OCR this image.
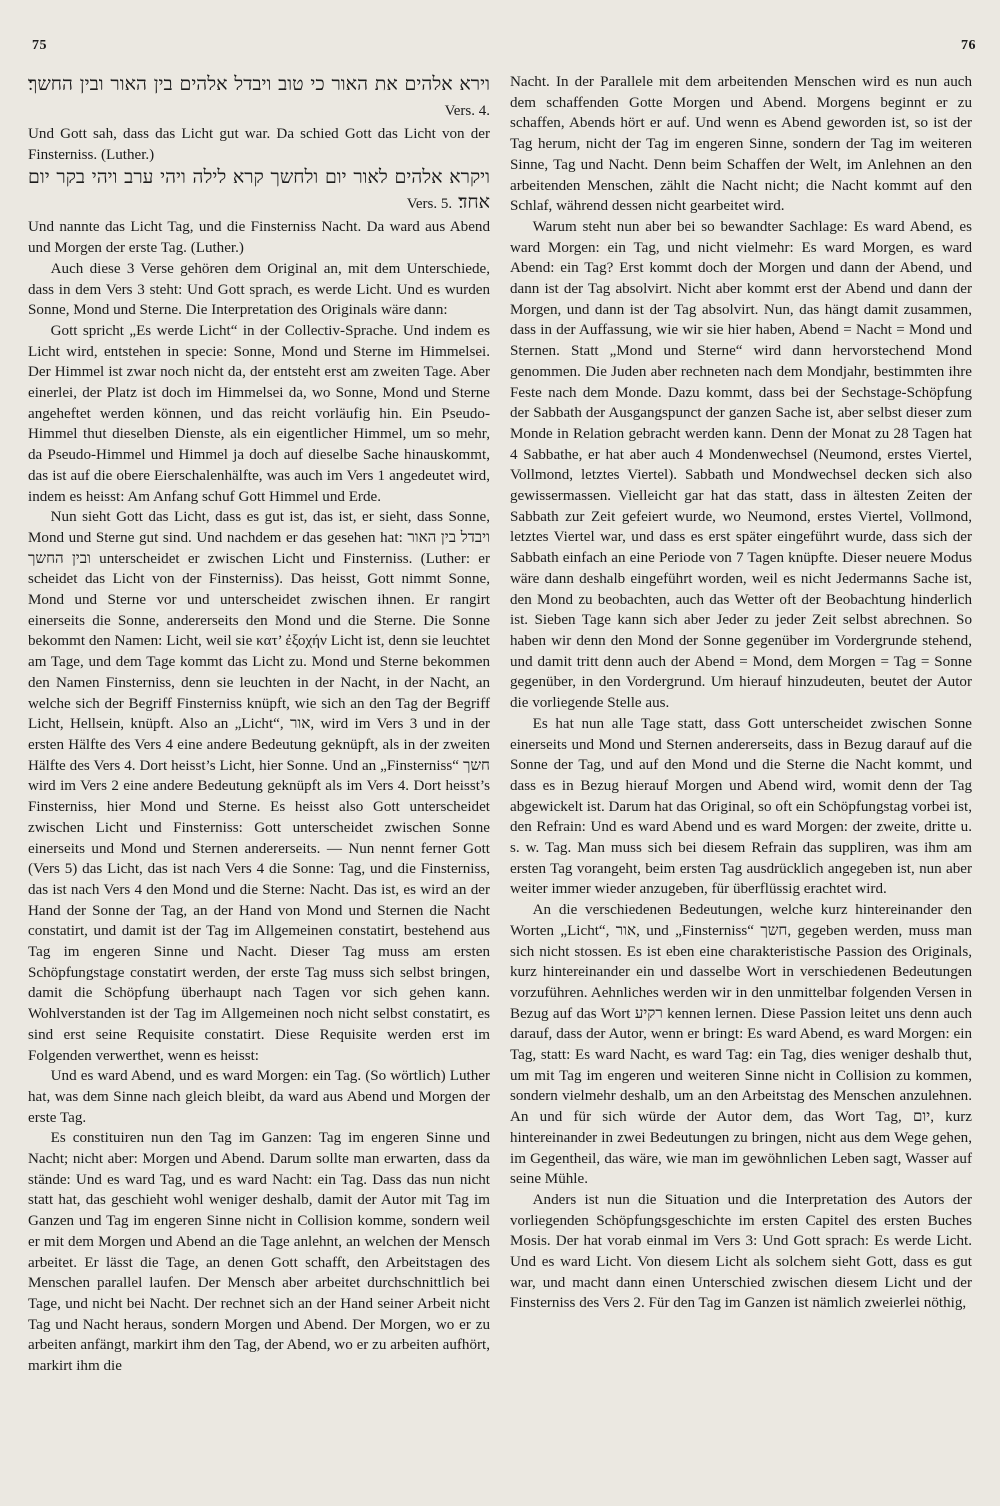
75	76

וירא אלהים את האור כי טוב ויבדל אלהים בין האור ובין החשך׃ Vers. 4.

Und Gott sah, dass das Licht gut war. Da schied Gott das Licht von der Finsterniss. (Luther.)

ויקרא אלהים לאור יום ולחשך קרא לילה ויהי ערב ויהי בקר יום אחד׃ Vers. 5.

Und nannte das Licht Tag, und die Finsterniss Nacht. Da ward aus Abend und Morgen der erste Tag. (Luther.)

Auch diese 3 Verse gehören dem Original an, mit dem Unterschiede, dass in dem Vers 3 steht: Und Gott sprach, es werde Licht. Und es wurden Sonne, Mond und Sterne. Die Interpretation des Originals wäre dann:

Gott spricht „Es werde Licht“ in der Collectiv-Sprache. Und indem es Licht wird, entstehen in specie: Sonne, Mond und Sterne im Himmelsei. Der Himmel ist zwar noch nicht da, der entsteht erst am zweiten Tage. Aber einerlei, der Platz ist doch im Himmelsei da, wo Sonne, Mond und Sterne angeheftet werden können, und das reicht vorläufig hin. Ein Pseudo-Himmel thut dieselben Dienste, als ein eigentlicher Himmel, um so mehr, da Pseudo-Himmel und Himmel ja doch auf dieselbe Sache hinauskommt, das ist auf die obere Eierschalenhälfte, was auch im Vers 1 angedeutet wird, indem es heisst: Am Anfang schuf Gott Himmel und Erde.

Nun sieht Gott das Licht, dass es gut ist, das ist, er sieht, dass Sonne, Mond und Sterne gut sind. Und nachdem er das gesehen hat: ויבדל בין האור ובין החשך unterscheidet er zwischen Licht und Finsterniss. (Luther: er scheidet das Licht von der Finsterniss). Das heisst, Gott nimmt Sonne, Mond und Sterne vor und unterscheidet zwischen ihnen. Er rangirt einerseits die Sonne, andererseits den Mond und die Sterne. Die Sonne bekommt den Namen: Licht, weil sie κατ’ ἐξοχήν Licht ist, denn sie leuchtet am Tage, und dem Tage kommt das Licht zu. Mond und Sterne bekommen den Namen Finsterniss, denn sie leuchten in der Nacht, in der Nacht, an welche sich der Begriff Finsterniss knüpft, wie sich an den Tag der Begriff Licht, Hellsein, knüpft. Also an „Licht“, אור, wird im Vers 3 und in der ersten Hälfte des Vers 4 eine andere Bedeutung geknüpft, als in der zweiten Hälfte des Vers 4. Dort heisst’s Licht, hier Sonne. Und an „Finsterniss“ חשך wird im Vers 2 eine andere Bedeutung geknüpft als im Vers 4. Dort heisst’s Finsterniss, hier Mond und Sterne. Es heisst also Gott unterscheidet zwischen Licht und Finsterniss: Gott unterscheidet zwischen Sonne einerseits und Mond und Sternen andererseits. — Nun nennt ferner Gott (Vers 5) das Licht, das ist nach Vers 4 die Sonne: Tag, und die Finsterniss, das ist nach Vers 4 den Mond und die Sterne: Nacht. Das ist, es wird an der Hand der Sonne der Tag, an der Hand von Mond und Sternen die Nacht constatirt, und damit ist der Tag im Allgemeinen constatirt, bestehend aus Tag im engeren Sinne und Nacht. Dieser Tag muss am ersten Schöpfungstage constatirt werden, der erste Tag muss sich selbst bringen, damit die Schöpfung überhaupt nach Tagen vor sich gehen kann. Wohlverstanden ist der Tag im Allgemeinen noch nicht selbst constatirt, es sind erst seine Requisite constatirt. Diese Requisite werden erst im Folgenden verwerthet, wenn es heisst:

Und es ward Abend, und es ward Morgen: ein Tag. (So wörtlich) Luther hat, was dem Sinne nach gleich bleibt, da ward aus Abend und Morgen der erste Tag.

Es constituiren nun den Tag im Ganzen: Tag im engeren Sinne und Nacht; nicht aber: Morgen und Abend. Darum sollte man erwarten, dass da stände: Und es ward Tag, und es ward Nacht: ein Tag. Dass das nun nicht statt hat, das geschieht wohl weniger deshalb, damit der Autor mit Tag im Ganzen und Tag im engeren Sinne nicht in Collision komme, sondern weil er mit dem Morgen und Abend an die Tage anlehnt, an welchen der Mensch arbeitet. Er lässt die Tage, an denen Gott schafft, den Arbeitstagen des Menschen parallel laufen. Der Mensch aber arbeitet durchschnittlich bei Tage, und nicht bei Nacht. Der rechnet sich an der Hand seiner Arbeit nicht Tag und Nacht heraus, sondern Morgen und Abend. Der Morgen, wo er zu arbeiten anfängt, markirt ihm den Tag, der Abend, wo er zu arbeiten aufhört, markirt ihm die

Nacht. In der Parallele mit dem arbeitenden Menschen wird es nun auch dem schaffenden Gotte Morgen und Abend. Morgens beginnt er zu schaffen, Abends hört er auf. Und wenn es Abend geworden ist, so ist der Tag herum, nicht der Tag im engeren Sinne, sondern der Tag im weiteren Sinne, Tag und Nacht. Denn beim Schaffen der Welt, im Anlehnen an den arbeitenden Menschen, zählt die Nacht nicht; die Nacht kommt auf den Schlaf, während dessen nicht gearbeitet wird.

Warum steht nun aber bei so bewandter Sachlage: Es ward Abend, es ward Morgen: ein Tag, und nicht vielmehr: Es ward Morgen, es ward Abend: ein Tag? Erst kommt doch der Morgen und dann der Abend, und dann ist der Tag absolvirt. Nicht aber kommt erst der Abend und dann der Morgen, und dann ist der Tag absolvirt. Nun, das hängt damit zusammen, dass in der Auffassung, wie wir sie hier haben, Abend = Nacht = Mond und Sternen. Statt „Mond und Sterne“ wird dann hervorstechend Mond genommen. Die Juden aber rechneten nach dem Mondjahr, bestimmten ihre Feste nach dem Monde. Dazu kommt, dass bei der Sechstage-Schöpfung der Sabbath der Ausgangspunct der ganzen Sache ist, aber selbst dieser zum Monde in Relation gebracht werden kann. Denn der Monat zu 28 Tagen hat 4 Sabbathe, er hat aber auch 4 Mondenwechsel (Neumond, erstes Viertel, Vollmond, letztes Viertel). Sabbath und Mondwechsel decken sich also gewissermassen. Vielleicht gar hat das statt, dass in ältesten Zeiten der Sabbath zur Zeit gefeiert wurde, wo Neumond, erstes Viertel, Vollmond, letztes Viertel war, und dass es erst später eingeführt wurde, dass sich der Sabbath einfach an eine Periode von 7 Tagen knüpfte. Dieser neuere Modus wäre dann deshalb eingeführt worden, weil es nicht Jedermanns Sache ist, den Mond zu beobachten, auch das Wetter oft der Beobachtung hinderlich ist. Sieben Tage kann sich aber Jeder zu jeder Zeit selbst abrechnen. So haben wir denn den Mond der Sonne gegenüber im Vordergrunde stehend, und damit tritt denn auch der Abend = Mond, dem Morgen = Tag = Sonne gegenüber, in den Vordergrund. Um hierauf hinzudeuten, beutet der Autor die vorliegende Stelle aus.

Es hat nun alle Tage statt, dass Gott unterscheidet zwischen Sonne einerseits und Mond und Sternen andererseits, dass in Bezug darauf auf die Sonne der Tag, und auf den Mond und die Sterne die Nacht kommt, und dass es in Bezug hierauf Morgen und Abend wird, womit denn der Tag abgewickelt ist. Darum hat das Original, so oft ein Schöpfungstag vorbei ist, den Refrain: Und es ward Abend und es ward Morgen: der zweite, dritte u. s. w. Tag. Man muss sich bei diesem Refrain das suppliren, was ihm am ersten Tag vorangeht, beim ersten Tag ausdrücklich angegeben ist, nun aber weiter immer wieder anzugeben, für überflüssig erachtet wird.

An die verschiedenen Bedeutungen, welche kurz hintereinander den Worten „Licht“, אור, und „Finsterniss“ חשך, gegeben werden, muss man sich nicht stossen. Es ist eben eine charakteristische Passion des Originals, kurz hintereinander ein und dasselbe Wort in verschiedenen Bedeutungen vorzuführen. Aehnliches werden wir in den unmittelbar folgenden Versen in Bezug auf das Wort רקיע kennen lernen. Diese Passion leitet uns denn auch darauf, dass der Autor, wenn er bringt: Es ward Abend, es ward Morgen: ein Tag, statt: Es ward Nacht, es ward Tag: ein Tag, dies weniger deshalb thut, um mit Tag im engeren und weiteren Sinne nicht in Collision zu kommen, sondern vielmehr deshalb, um an den Arbeitstag des Menschen anzulehnen. An und für sich würde der Autor dem, das Wort Tag, יום, kurz hintereinander in zwei Bedeutungen zu bringen, nicht aus dem Wege gehen, im Gegentheil, das wäre, wie man im gewöhnlichen Leben sagt, Wasser auf seine Mühle.

Anders ist nun die Situation und die Interpretation des Autors der vorliegenden Schöpfungsgeschichte im ersten Capitel des ersten Buches Mosis. Der hat vorab einmal im Vers 3: Und Gott sprach: Es werde Licht. Und es ward Licht. Von diesem Licht als solchem sieht Gott, dass es gut war, und macht dann einen Unterschied zwischen diesem Licht und der Finsterniss des Vers 2. Für den Tag im Ganzen ist nämlich zweierlei nöthig,
